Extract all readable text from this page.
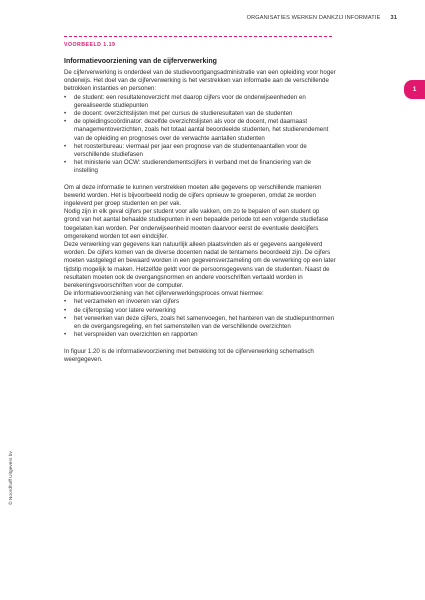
ORGANISATIES WERKEN DANKZIJ INFORMATIE 31
VOORBEELD 1.19
Informatievoorziening van de cijferverwerking

De cijferverwerking is onderdeel van de studievoortgangsadministratie van een opleiding voor hoger onderwijs. Het doel van de cijferverwerking is het verstrekken van informatie aan de verschillende betrokken instanties en personen:

• de student: een resultatenoverzicht met daarop cijfers voor de onderwijseenheden en gerealiseerde studiepunten
• de docent: overzichtslijsten met per cursus de studieresultaten van de studenten
• de opleidingscoördinator: dezelfde overzichtslijsten als voor de docent, met daarnaast managementoverzichten, zoals het totaal aantal beoordeelde studenten, het studierendement van de opleiding en prognoses over de verwachte aantallen studenten
• het roosterbureau: viermaal per jaar een prognose van de studentenaantallen voor de verschillende studiefasen
• het ministerie van OCW: studierendementscijfers in verband met de financiering van de instelling

Om al deze informatie te kunnen verstrekken moeten alle gegevens op verschillende manieren bewerkt worden. Het is bijvoorbeeld nodig de cijfers opnieuw te groeperen, omdat ze worden ingeleverd per groep studenten en per vak.

Nodig zijn in elk geval cijfers per student voor alle vakken, om zo te bepalen of een student op grond van het aantal behaalde studiepunten in een bepaalde periode tot een volgende studiefase toegelaten kan worden. Per onderwijseenheid moeten daarvoor eerst de eventuele deelcijfers omgerekend worden tot een eindcijfer.

Deze verwerking van gegevens kan natuurlijk alleen plaatsvinden als er gegevens aangeleverd worden. De cijfers komen van de diverse docenten nadat de tentamens beoordeeld zijn. De cijfers moeten vastgelegd en bewaard worden in een gegevensverzameling om de verwerking op een later tijdstip mogelijk te maken. Hetzelfde geldt voor de persoonsgegevens van de studenten. Naast de resultaten moeten ook de overgangsnormen en andere voorschriften vertaald worden in berekeningsvoorschriften voor de computer.

De informatievoorziening van het cijferverwerkingsproces omvat hiermee:

• het verzamelen en invoeren van cijfers
• de cijferopslag voor latere verwerking
• het verwerken van deze cijfers, zoals het samenvoegen, het hanteren van de studiepuntnormen en de overgangsregeling, en het samenstellen van de verschillende overzichten
• het verspreiden van overzichten en rapporten

In figuur 1.20 is de informatievoorziening met betrekking tot de cijferverwerking schematisch weergegeven.

1
© Noordhoff Uitgevers bv
